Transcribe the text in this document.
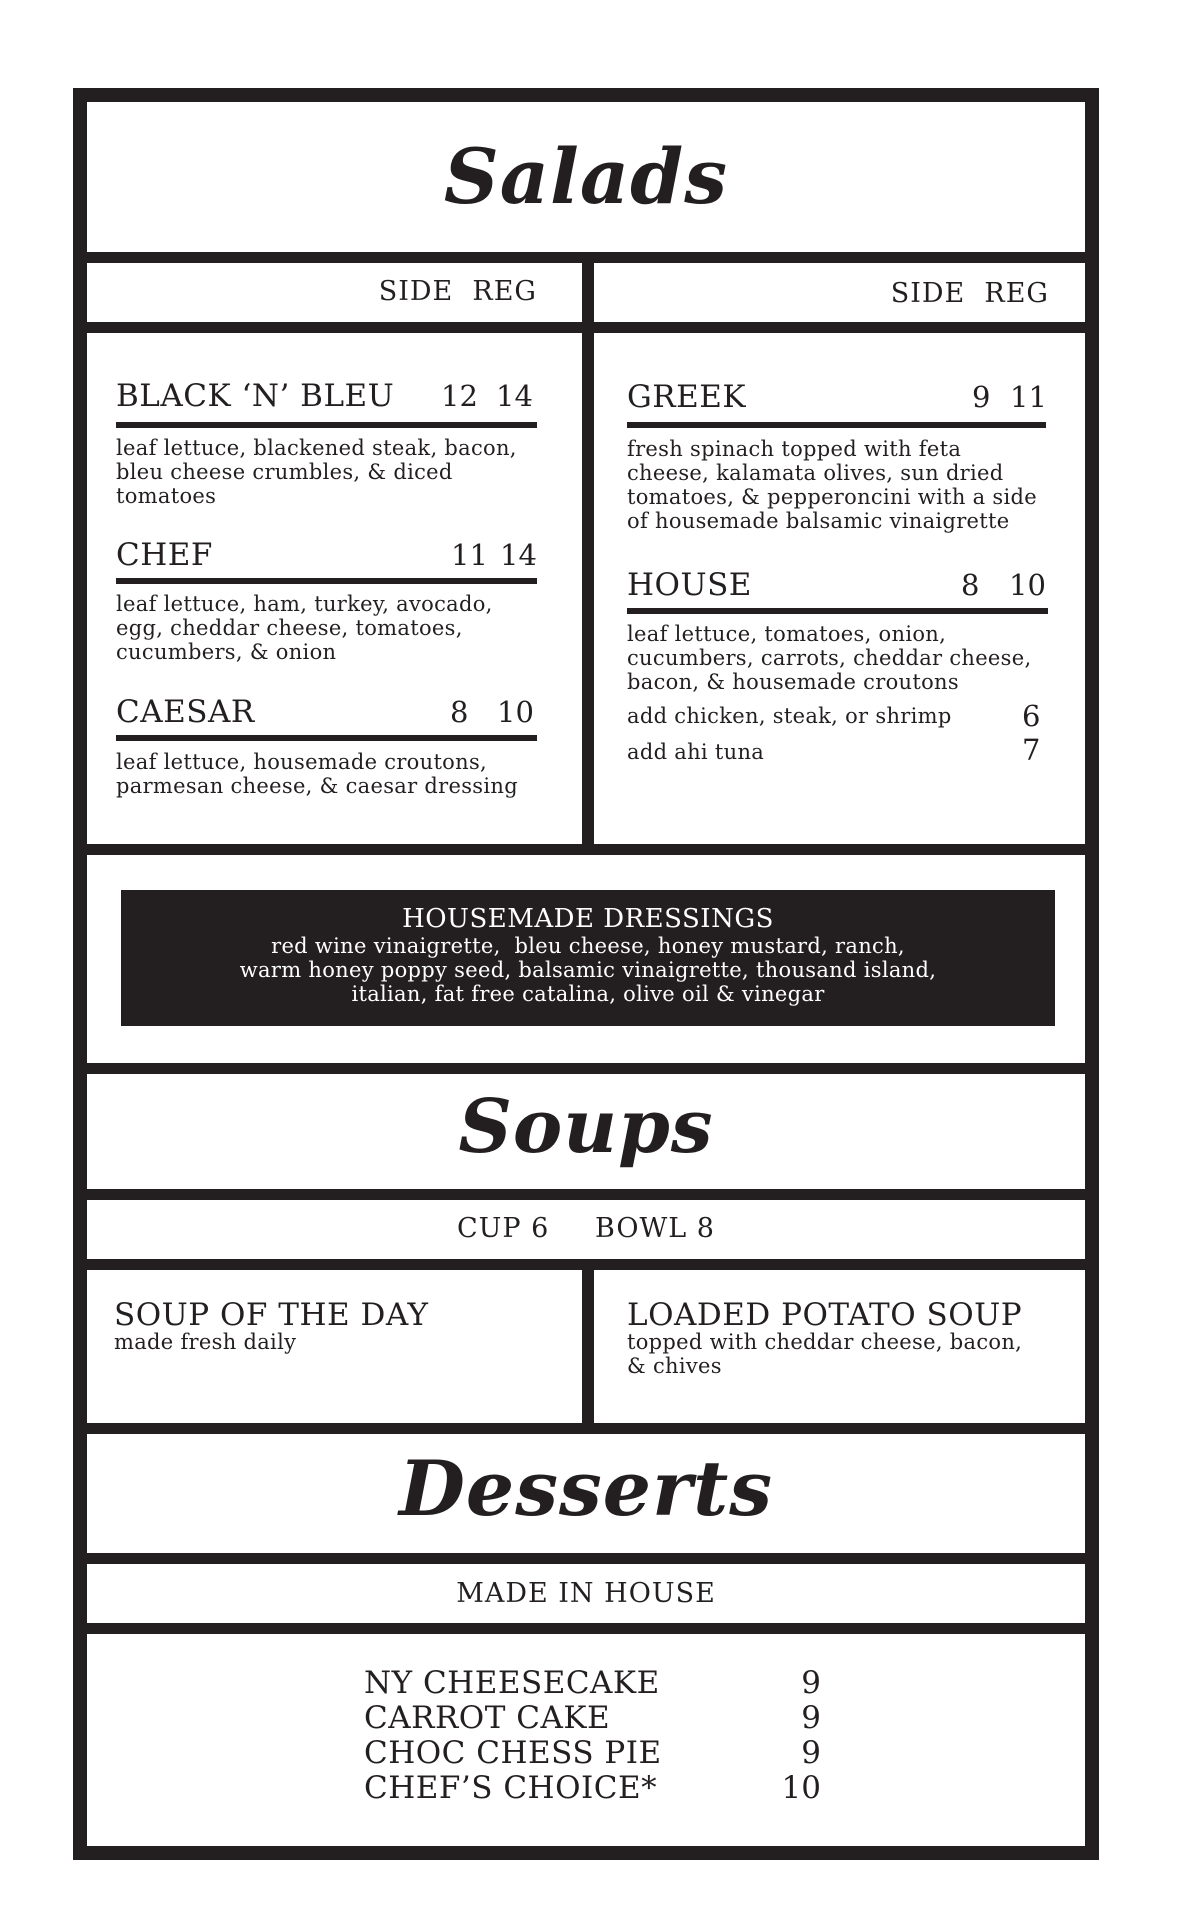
Salads
SIDE  REG	SIDE  REG
BLACK ‘N’ BLEU 12 14
leaf lettuce, blackened steak, bacon,
bleu cheese crumbles, & diced
tomatoes
CHEF	11 14
leaf lettuce, ham, turkey, avocado,
egg, cheddar cheese, tomatoes,
cucumbers, & onion
CAESAR	8 10
leaf lettuce, housemade croutons,
parmesan cheese, & caesar dressing
GREEK	9 11
fresh spinach topped with feta
cheese, kalamata olives, sun dried
tomatoes, & pepperoncini with a side
of housemade balsamic vinaigrette
HOUSE	8 10
leaf lettuce, tomatoes, onion,
cucumbers, carrots, cheddar cheese,
bacon, & housemade croutons
add chicken, steak, or shrimp 6
add ahi tuna	7
HOUSEMADE DRESSINGS
red wine vinaigrette,  bleu cheese, honey mustard, ranch,
warm honey poppy seed, balsamic vinaigrette, thousand island,
italian, fat free catalina, olive oil & vinegar
Soups
CUP 6 BOWL 8
SOUP OF THE DAY
made fresh daily
LOADED POTATO SOUP
topped with cheddar cheese, bacon,
& chives
Desserts
MADE IN HOUSE
NY CHEESECAKE	9
CARROT CAKE	9
CHOC CHESS PIE	9
CHEF’S CHOICE*	10
